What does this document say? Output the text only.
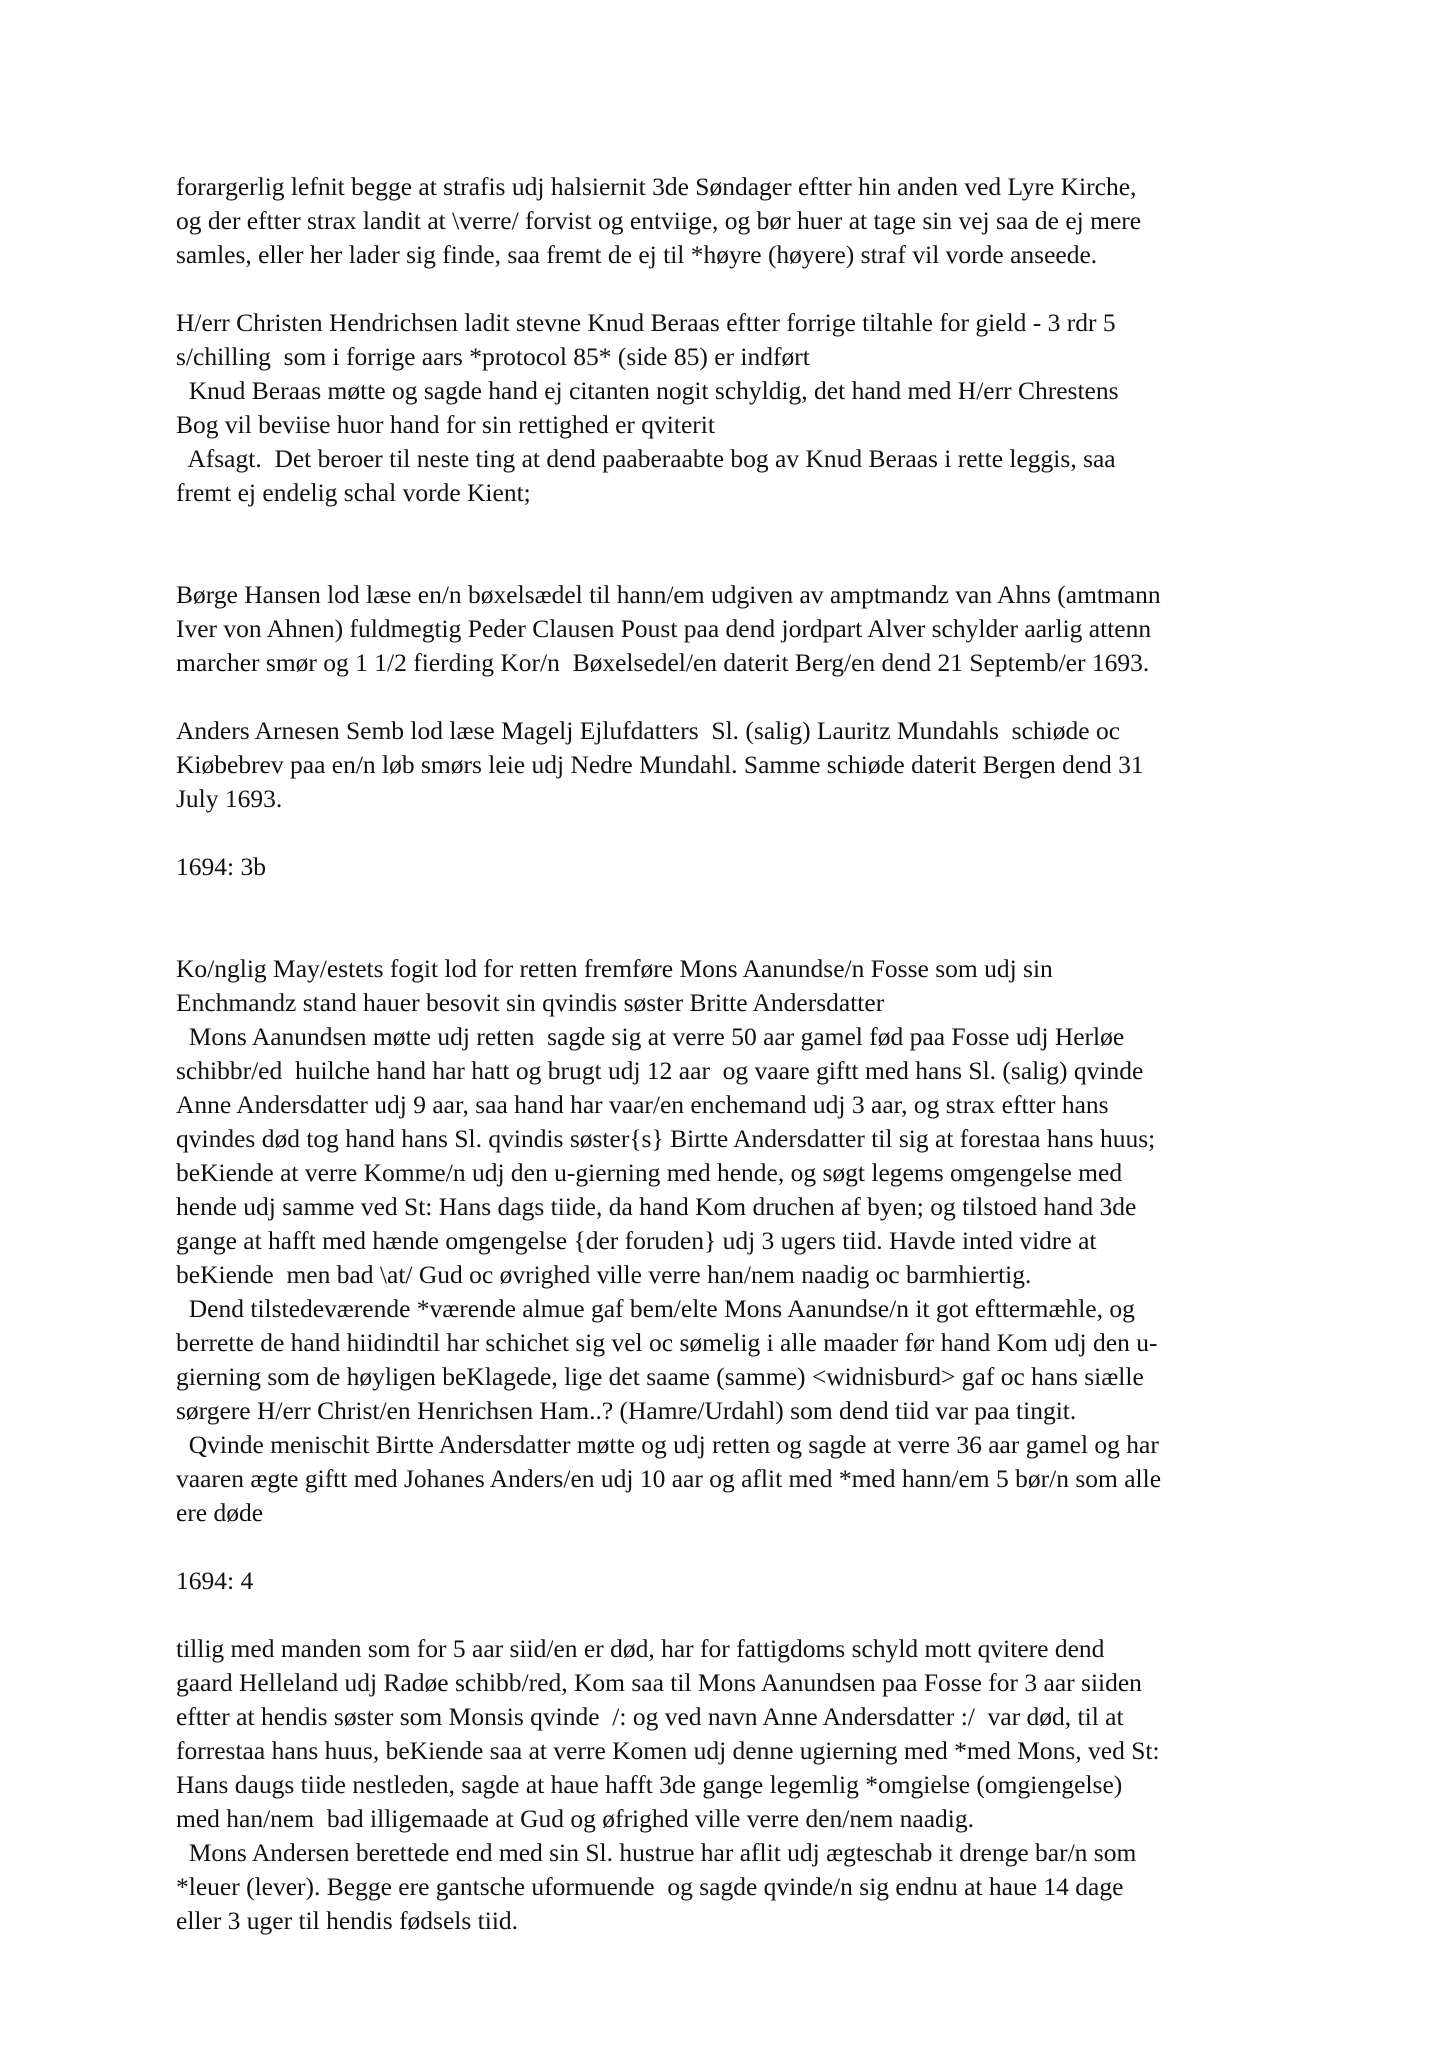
forargerlig lefnit begge at strafis udj halsiernit 3de Søndager eftter hin anden ved Lyre Kirche,
og der eftter strax landit at \verre/ forvist og entviige, og bør huer at tage sin vej saa de ej mere
samles, eller her lader sig finde, saa fremt de ej til *høyre (høyere) straf vil vorde anseede.
H/err Christen Hendrichsen ladit stevne Knud Beraas eftter forrige tiltahle for gield - 3 rdr 5
s/chilling  som i forrige aars *protocol 85* (side 85) er indført
Knud Beraas møtte og sagde hand ej citanten nogit schyldig, det hand med H/err Chrestens
Bog vil beviise huor hand for sin rettighed er qviterit
Afsagt.  Det beroer til neste ting at dend paaberaabte bog av Knud Beraas i rette leggis, saa
fremt ej endelig schal vorde Kient;
Børge Hansen lod læse en/n bøxelsædel til hann/em udgiven av amptmandz van Ahns (amtmann
Iver von Ahnen) fuldmegtig Peder Clausen Poust paa dend jordpart Alver schylder aarlig attenn
marcher smør og 1 1/2 fierding Kor/n  Bøxelsedel/en daterit Berg/en dend 21 Septemb/er 1693.
Anders Arnesen Semb lod læse Magelj Ejlufdatters  Sl. (salig) Lauritz Mundahls  schiøde oc
Kiøbebrev paa en/n løb smørs leie udj Nedre Mundahl. Samme schiøde daterit Bergen dend 31
July 1693.
1694: 3b
Ko/nglig May/estets fogit lod for retten fremføre Mons Aanundse/n Fosse som udj sin
Enchmandz stand hauer besovit sin qvindis søster Britte Andersdatter
Mons Aanundsen møtte udj retten  sagde sig at verre 50 aar gamel fød paa Fosse udj Herløe
schibbr/ed  huilche hand har hatt og brugt udj 12 aar  og vaare giftt med hans Sl. (salig) qvinde
Anne Andersdatter udj 9 aar, saa hand har vaar/en enchemand udj 3 aar, og strax eftter hans
qvindes død tog hand hans Sl. qvindis søster{s} Birtte Andersdatter til sig at forestaa hans huus;
beKiende at verre Komme/n udj den u-gierning med hende, og søgt legems omgengelse med
hende udj samme ved St: Hans dags tiide, da hand Kom druchen af byen; og tilstoed hand 3de
gange at hafft med hænde omgengelse {der foruden} udj 3 ugers tiid. Havde inted vidre at
beKiende  men bad \at/ Gud oc øvrighed ville verre han/nem naadig oc barmhiertig.
Dend tilstedeværende *værende almue gaf bem/elte Mons Aanundse/n it got efttermæhle, og
berrette de hand hiidindtil har schichet sig vel oc sømelig i alle maader før hand Kom udj den u-
gierning som de høyligen beKlagede, lige det saame (samme) <widnisburd> gaf oc hans siælle
sørgere H/err Christ/en Henrichsen Ham..? (Hamre/Urdahl) som dend tiid var paa tingit.
Qvinde menischit Birtte Andersdatter møtte og udj retten og sagde at verre 36 aar gamel og har
vaaren ægte giftt med Johanes Anders/en udj 10 aar og aflit med *med hann/em 5 bør/n som alle
ere døde
1694: 4
tillig med manden som for 5 aar siid/en er død, har for fattigdoms schyld mott qvitere dend
gaard Helleland udj Radøe schibb/red, Kom saa til Mons Aanundsen paa Fosse for 3 aar siiden
eftter at hendis søster som Monsis qvinde  /: og ved navn Anne Andersdatter :/  var død, til at
forrestaa hans huus, beKiende saa at verre Komen udj denne ugierning med *med Mons, ved St:
Hans daugs tiide nestleden, sagde at haue hafft 3de gange legemlig *omgielse (omgiengelse)
med han/nem  bad illigemaade at Gud og øfrighed ville verre den/nem naadig.
Mons Andersen berettede end med sin Sl. hustrue har aflit udj ægteschab it drenge bar/n som
*leuer (lever). Begge ere gantsche uformuende  og sagde qvinde/n sig endnu at haue 14 dage
eller 3 uger til hendis fødsels tiid.
